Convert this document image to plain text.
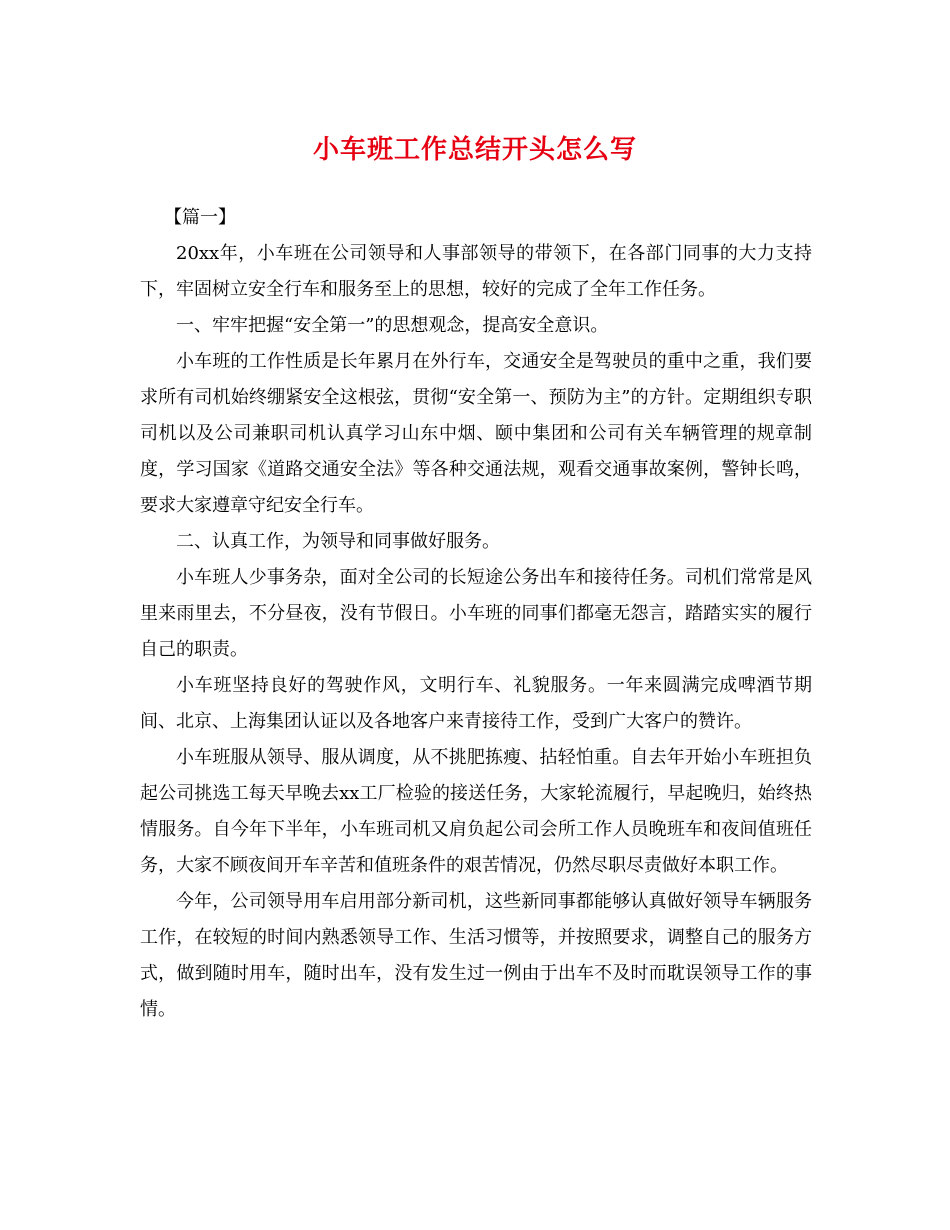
小车班工作总结开头怎么写

【篇一】

20xx年，小车班在公司领导和人事部领导的带领下，在各部门同事的大力支持下，牢固树立安全行车和服务至上的思想，较好的完成了全年工作任务。

一、牢牢把握“安全第一”的思想观念，提高安全意识。

小车班的工作性质是长年累月在外行车，交通安全是驾驶员的重中之重，我们要求所有司机始终绷紧安全这根弦，贯彻“安全第一、预防为主”的方针。定期组织专职司机以及公司兼职司机认真学习山东中烟、颐中集团和公司有关车辆管理的规章制度，学习国家《道路交通安全法》等各种交通法规，观看交通事故案例，警钟长鸣，要求大家遵章守纪安全行车。

二、认真工作，为领导和同事做好服务。

小车班人少事务杂，面对全公司的长短途公务出车和接待任务。司机们常常是风里来雨里去，不分昼夜，没有节假日。小车班的同事们都毫无怨言，踏踏实实的履行自己的职责。

小车班坚持良好的驾驶作风，文明行车、礼貌服务。一年来圆满完成啤酒节期间、北京、上海集团认证以及各地客户来青接待工作，受到广大客户的赞许。

小车班服从领导、服从调度，从不挑肥拣瘦、拈轻怕重。自去年开始小车班担负起公司挑选工每天早晚去xx工厂检验的接送任务，大家轮流履行，早起晚归，始终热情服务。自今年下半年，小车班司机又肩负起公司会所工作人员晚班车和夜间值班任务，大家不顾夜间开车辛苦和值班条件的艰苦情况，仍然尽职尽责做好本职工作。

今年，公司领导用车启用部分新司机，这些新同事都能够认真做好领导车辆服务工作，在较短的时间内熟悉领导工作、生活习惯等，并按照要求，调整自己的服务方式，做到随时用车，随时出车，没有发生过一例由于出车不及时而耽误领导工作的事情。
